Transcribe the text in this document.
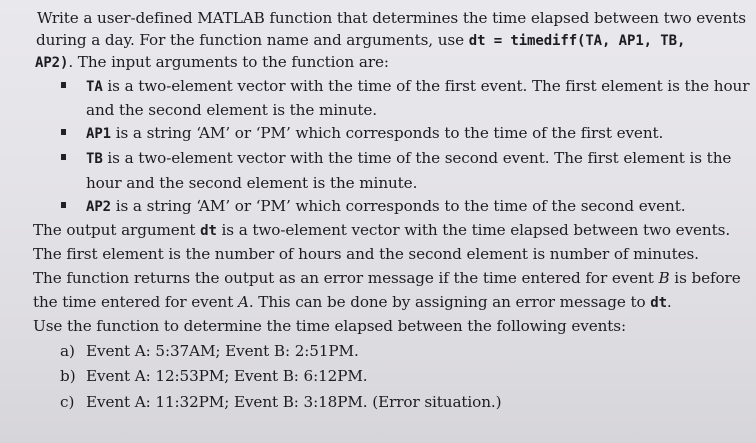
Write a user-defined MATLAB function that determines the time elapsed between two events
during a day. For the function name and arguments, use dt = timediff(TA, AP1, TB,
AP2). The input arguments to the function are:
TA is a two-element vector with the time of the first event. The first element is the hour
and the second element is the minute.
AP1 is a string ‘AM’ or ‘PM’ which corresponds to the time of the first event.
TB is a two-element vector with the time of the second event. The first element is the
hour and the second element is the minute.
AP2 is a string ‘AM’ or ‘PM’ which corresponds to the time of the second event.
The output argument dt is a two-element vector with the time elapsed between two events.
The first element is the number of hours and the second element is number of minutes.
The function returns the output as an error message if the time entered for event B is before
the time entered for event A. This can be done by assigning an error message to dt.
Use the function to determine the time elapsed between the following events:
a) Event A: 5:37AM; Event B: 2:51PM.
b) Event A: 12:53PM; Event B: 6:12PM.
c) Event A: 11:32PM; Event B: 3:18PM. (Error situation.)
